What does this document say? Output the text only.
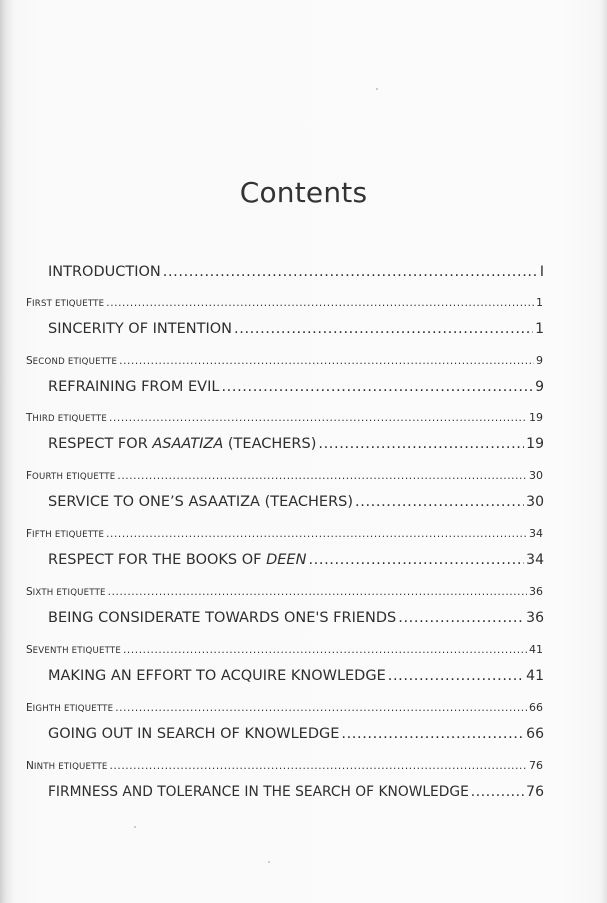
Contents
INTRODUCTION .....	I
FIRST ETIQUETTE .....	1
SINCERITY OF INTENTION .....	1
SECOND ETIQUETTE .....	9
REFRAINING FROM EVIL .....	9
THIRD ETIQUETTE .....	19
RESPECT FOR ASAATIZA (TEACHERS) .....	19
FOURTH ETIQUETTE .....	30
SERVICE TO ONE’S ASAATIZA (TEACHERS) .....	30
FIFTH ETIQUETTE .....	34
RESPECT FOR THE BOOKS OF DEEN .....	34
SIXTH ETIQUETTE .....	36
BEING CONSIDERATE TOWARDS ONE'S FRIENDS .....	36
SEVENTH ETIQUETTE .....	41
MAKING AN EFFORT TO ACQUIRE KNOWLEDGE .....	41
EIGHTH ETIQUETTE .....	66
GOING OUT IN SEARCH OF KNOWLEDGE .....	66
NINTH ETIQUETTE .....	76
FIRMNESS AND TOLERANCE IN THE SEARCH OF KNOWLEDGE .....	76
